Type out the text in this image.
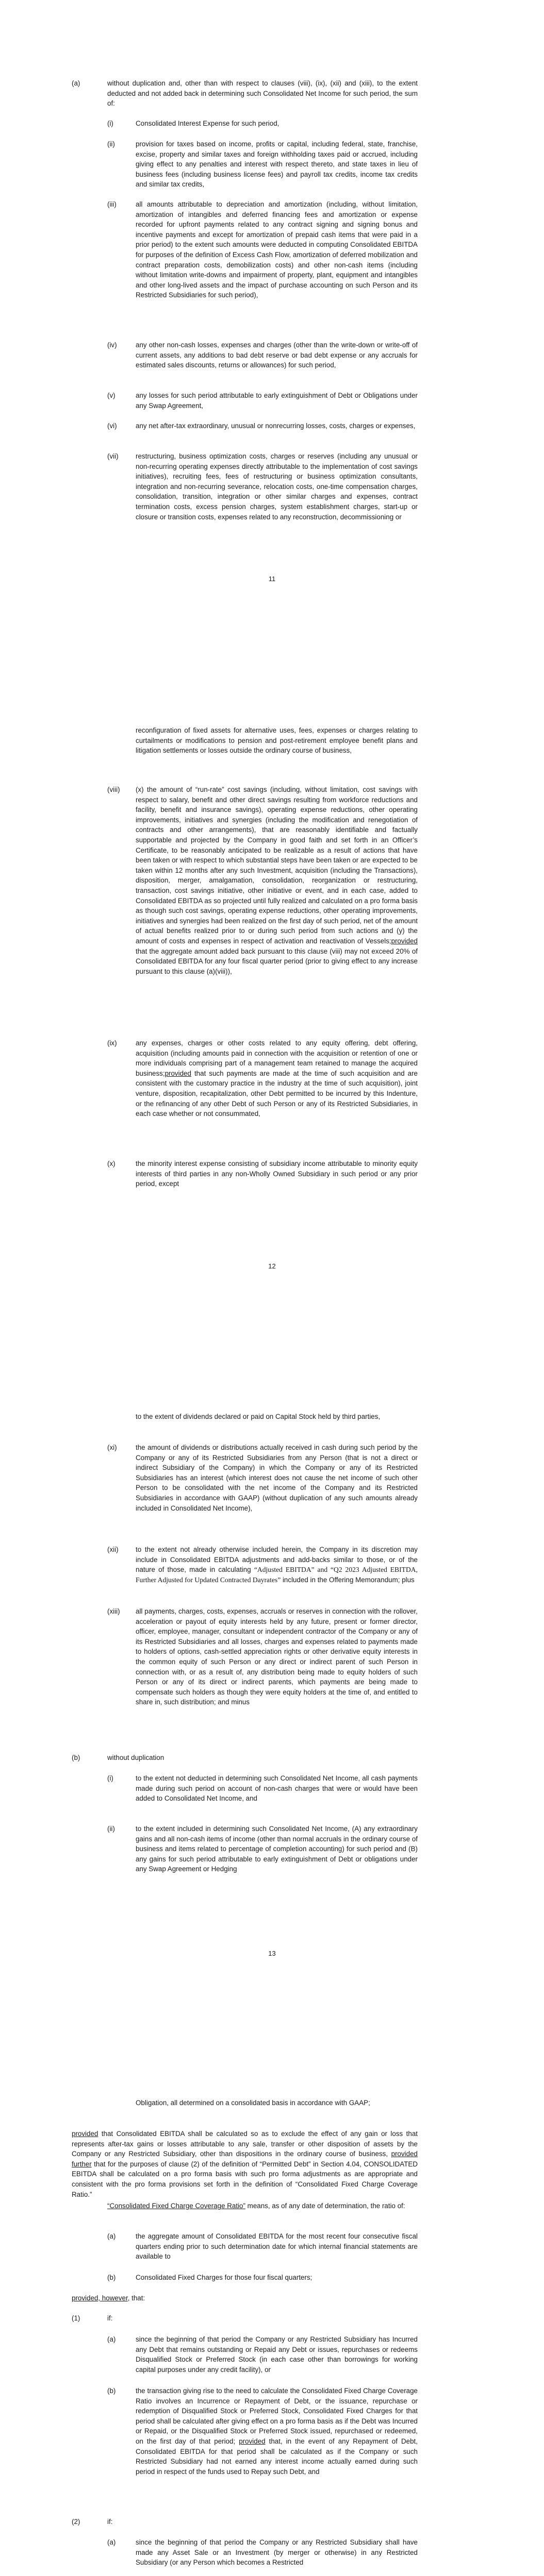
(a)	without duplication and, other than with respect to clauses (viii), (ix), (xii) and (xiii), to the extent deducted and not added back in determining such Consolidated Net Income for such period, the sum of:
(i)	Consolidated Interest Expense for such period,
(ii)	provision for taxes based on income, profits or capital, including federal, state, franchise, excise, property and similar taxes and foreign withholding taxes paid or accrued, including giving effect to any penalties and interest with respect thereto, and state taxes in lieu of business fees (including business license fees) and payroll tax credits, income tax credits and similar tax credits,
(iii)	all amounts attributable to depreciation and amortization (including, without limitation, amortization of intangibles and deferred financing fees and amortization or expense recorded for upfront payments related to any contract signing and signing bonus and incentive payments and except for amortization of prepaid cash items that were paid in a prior period) to the extent such amounts were deducted in computing Consolidated EBITDA for purposes of the definition of Excess Cash Flow, amortization of deferred mobilization and contract preparation costs, demobilization costs) and other non-cash items (including without limitation write-downs and impairment of property, plant, equipment and intangibles and other long-lived assets and the impact of purchase accounting on such Person and its Restricted Subsidiaries for such period),
(iv)	any other non-cash losses, expenses and charges (other than the write-down or write-off of current assets, any additions to bad debt reserve or bad debt expense or any accruals for estimated sales discounts, returns or allowances) for such period,
(v)	any losses for such period attributable to early extinguishment of Debt or Obligations under any Swap Agreement,
(vi)	any net after-tax extraordinary, unusual or nonrecurring losses, costs, charges or expenses,
(vii) restructuring, business optimization costs, charges or reserves (including any unusual or non-recurring operating expenses directly attributable to the implementation of cost savings initiatives), recruiting fees, fees of restructuring or business optimization consultants, integration and non-recurring severance, relocation costs, one-time compensation charges, consolidation, transition, integration or other similar charges and expenses, contract termination costs, excess pension charges, system establishment charges, start-up or closure or transition costs, expenses related to any reconstruction, decommissioning or
11
reconfiguration of fixed assets for alternative uses, fees, expenses or charges relating to curtailments or modifications to pension and post-retirement employee benefit plans and litigation settlements or losses outside the ordinary course of business,
(viii) (x) the amount of “run-rate” cost savings (including, without limitation, cost savings with respect to salary, benefit and other direct savings resulting from workforce reductions and facility, benefit and insurance savings), operating expense reductions, other operating improvements, initiatives and synergies (including the modification and renegotiation of contracts and other arrangements), that are reasonably identifiable and factually supportable and projected by the Company in good faith and set forth in an Officer’s Certificate, to be reasonably anticipated to be realizable as a result of actions that have been taken or with respect to which substantial steps have been taken or are expected to be taken within 12 months after any such Investment, acquisition (including the Transactions), disposition, merger, amalgamation, consolidation, reorganization or restructuring, transaction, cost savings initiative, other initiative or event, and in each case, added to Consolidated EBITDA as so projected until fully realized and calculated on a pro forma basis as though such cost savings, operating expense reductions, other operating improvements, initiatives and synergies had been realized on the first day of such period, net of the amount of actual benefits realized prior to or during such period from such actions and (y) the amount of costs and expenses in respect of activation and reactivation of Vessels;provided that the aggregate amount added back pursuant to this clause (viii) may not exceed 20% of Consolidated EBITDA for any four fiscal quarter period (prior to giving effect to any increase pursuant to this clause (a)(viii)),
(ix)	any expenses, charges or other costs related to any equity offering, debt offering, acquisition (including amounts paid in connection with the acquisition or retention of one or more individuals comprising part of a management team retained to manage the acquired business;provided that such payments are made at the time of such acquisition and are consistent with the customary practice in the industry at the time of such acquisition), joint venture, disposition, recapitalization, other Debt permitted to be incurred by this Indenture, or the refinancing of any other Debt of such Person or any of its Restricted Subsidiaries, in each case whether or not consummated,
(x)	the minority interest expense consisting of subsidiary income attributable to minority equity interests of third parties in any non-Wholly Owned Subsidiary in such period or any prior period, except
12
to the extent of dividends declared or paid on Capital Stock held by third parties,
(xi)	the amount of dividends or distributions actually received in cash during such period by the Company or any of its Restricted Subsidiaries from any Person (that is not a direct or indirect Subsidiary of the Company) in which the Company or any of its Restricted Subsidiaries has an interest (which interest does not cause the net income of such other Person to be consolidated with the net income of the Company and its Restricted Subsidiaries in accordance with GAAP) (without duplication of any such amounts already included in Consolidated Net Income),
(xii) to the extent not already otherwise included herein, the Company in its discretion may include in Consolidated EBITDA adjustments and add-backs similar to those, or of the nature of those, made in calculating “Adjusted EBITDA” and “Q2 2023 Adjusted EBITDA, Further Adjusted for Updated Contracted Dayrates” included in the Offering Memorandum; plus
(xiii) all payments, charges, costs, expenses, accruals or reserves in connection with the rollover, acceleration or payout of equity interests held by any future, present or former director, officer, employee, manager, consultant or independent contractor of the Company or any of its Restricted Subsidiaries and all losses, charges and expenses related to payments made to holders of options, cash-settled appreciation rights or other derivative equity interests in the common equity of such Person or any direct or indirect parent of such Person in connection with, or as a result of, any distribution being made to equity holders of such Person or any of its direct or indirect parents, which payments are being made to compensate such holders as though they were equity holders at the time of, and entitled to share in, such distribution; and minus
(b)	without duplication
(i)	to the extent not deducted in determining such Consolidated Net Income, all cash payments made during such period on account of non-cash charges that were or would have been added to Consolidated Net Income, and
(ii)	to the extent included in determining such Consolidated Net Income, (A) any extraordinary gains and all non-cash items of income (other than normal accruals in the ordinary course of business and items related to percentage of completion accounting) for such period and (B) any gains for such period attributable to early extinguishment of Debt or obligations under any Swap Agreement or Hedging
13
Obligation, all determined on a consolidated basis in accordance with GAAP;
provided that Consolidated EBITDA shall be calculated so as to exclude the effect of any gain or loss that represents after-tax gains or losses attributable to any sale, transfer or other disposition of assets by the Company or any Restricted Subsidiary, other than dispositions in the ordinary course of business, provided further that for the purposes of clause (2) of the definition of “Permitted Debt” in Section 4.04, CONSOLIDATED EBITDA shall be calculated on a pro forma basis with such pro forma adjustments as are appropriate and consistent with the pro forma provisions set forth in the definition of “Consolidated Fixed Charge Coverage Ratio.”
“Consolidated Fixed Charge Coverage Ratio” means, as of any date of determination, the ratio of:
(a)	the aggregate amount of Consolidated EBITDA for the most recent four consecutive fiscal quarters ending prior to such determination date for which internal financial statements are available to
(b)	Consolidated Fixed Charges for those four fiscal quarters;
provided, however, that:
(1)	if:
(a)	since the beginning of that period the Company or any Restricted Subsidiary has Incurred any Debt that remains outstanding or Repaid any Debt or issues, repurchases or redeems Disqualified Stock or Preferred Stock (in each case other than borrowings for working capital purposes under any credit facility), or
(b)	the transaction giving rise to the need to calculate the Consolidated Fixed Charge Coverage Ratio involves an Incurrence or Repayment of Debt, or the issuance, repurchase or redemption of Disqualified Stock or Preferred Stock, Consolidated Fixed Charges for that period shall be calculated after giving effect on a pro forma basis as if the Debt was Incurred or Repaid, or the Disqualified Stock or Preferred Stock issued, repurchased or redeemed, on the first day of that period; provided that, in the event of any Repayment of Debt, Consolidated EBITDA for that period shall be calculated as if the Company or such Restricted Subsidiary had not earned any interest income actually earned during such period in respect of the funds used to Repay such Debt, and
(2)	if:
(a)	since the beginning of that period the Company or any Restricted Subsidiary shall have made any Asset Sale or an Investment (by merger or otherwise) in any Restricted Subsidiary (or any Person which becomes a Restricted
